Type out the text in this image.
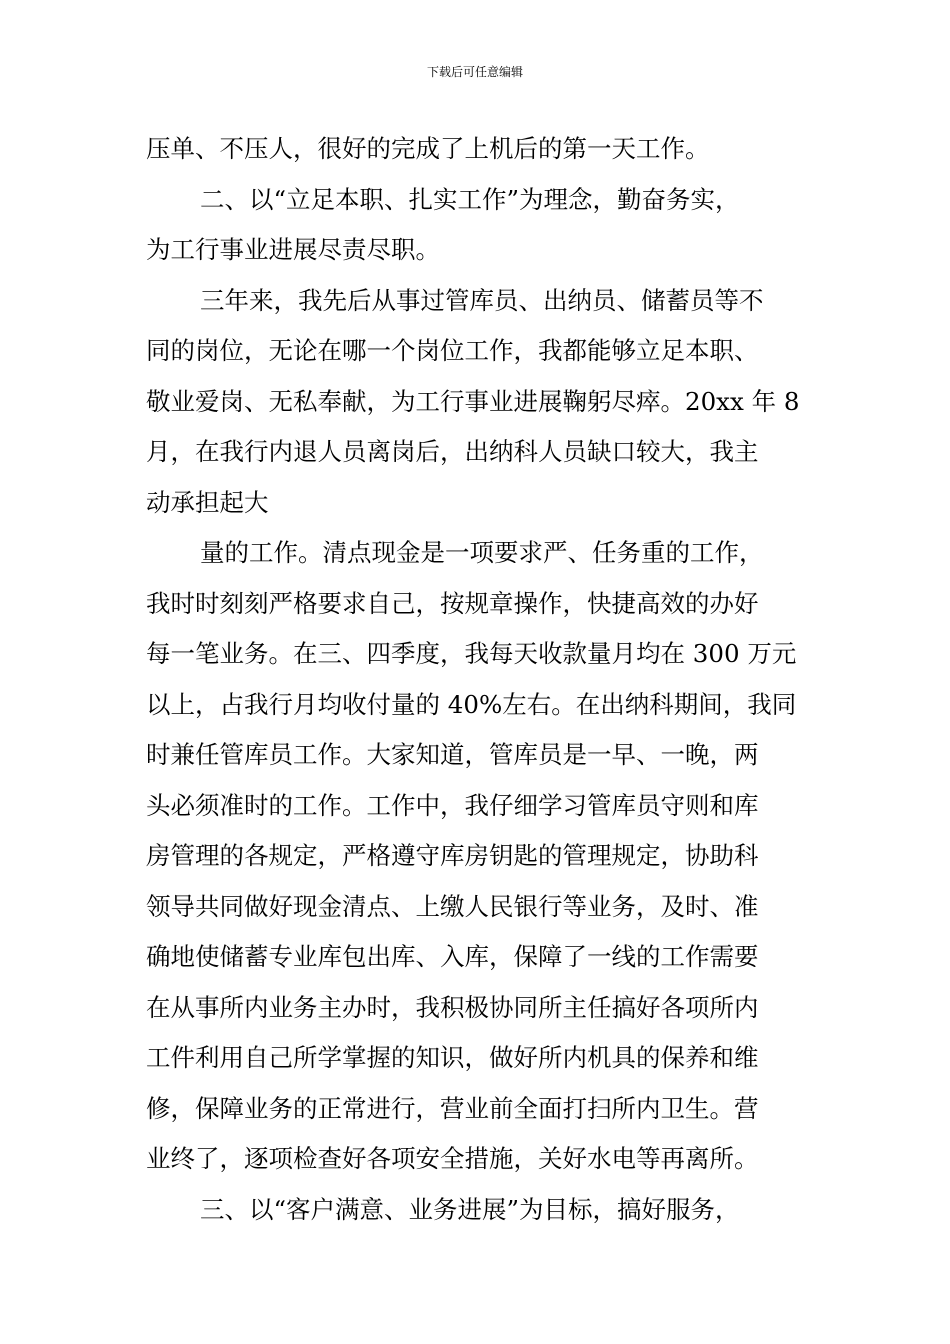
下载后可任意编辑
压单、不压人，很好的完成了上机后的第一天工作。
二、以“立足本职、扎实工作”为理念，勤奋务实，
为工行事业进展尽责尽职。
三年来，我先后从事过管库员、出纳员、储蓄员等不
同的岗位，无论在哪一个岗位工作，我都能够立足本职、
敬业爱岗、无私奉献，为工行事业进展鞠躬尽瘁。20xx 年 8
月，在我行内退人员离岗后，出纳科人员缺口较大，我主
动承担起大
量的工作。清点现金是一项要求严、任务重的工作，
我时时刻刻严格要求自己，按规章操作，快捷高效的办好
每一笔业务。在三、四季度，我每天收款量月均在 300 万元
以上，占我行月均收付量的 40%左右。在出纳科期间，我同
时兼任管库员工作。大家知道，管库员是一早、一晚，两
头必须准时的工作。工作中，我仔细学习管库员守则和库
房管理的各规定，严格遵守库房钥匙的管理规定，协助科
领导共同做好现金清点、上缴人民银行等业务，及时、准
确地使储蓄专业库包出库、入库，保障了一线的工作需要
在从事所内业务主办时，我积极协同所主任搞好各项所内
工件利用自己所学掌握的知识，做好所内机具的保养和维
修，保障业务的正常进行，营业前全面打扫所内卫生。营
业终了，逐项检查好各项安全措施，关好水电等再离所。
三、以“客户满意、业务进展”为目标，搞好服务，
